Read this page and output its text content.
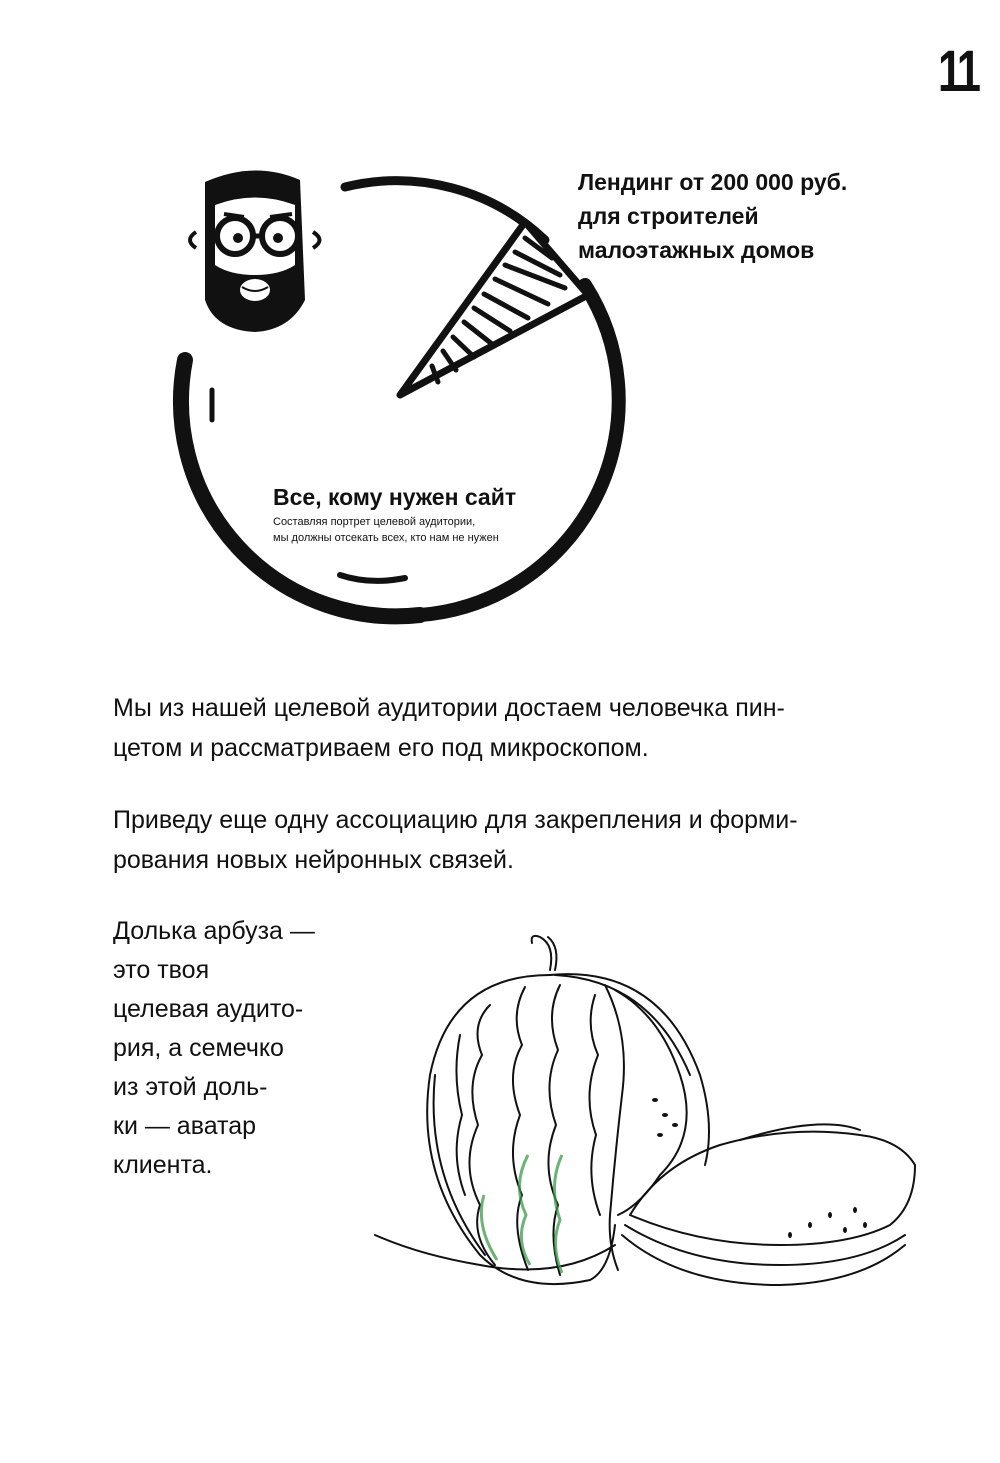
11
Лендинг от 200 000 руб.
для строителей
малоэтажных домов
Все, кому нужен сайт
Составляя портрет целевой аудитории,
мы должны отсекать всех, кто нам не нужен
Мы из нашей целевой аудитории достаем человечка пин-
цетом и рассматриваем его под микроскопом.
Приведу еще одну ассоциацию для закрепления и форми-
рования новых нейронных связей.
Долька арбуза —
это твоя
целевая аудито-
рия, а семечко
из этой доль-
ки — аватар
клиента.
